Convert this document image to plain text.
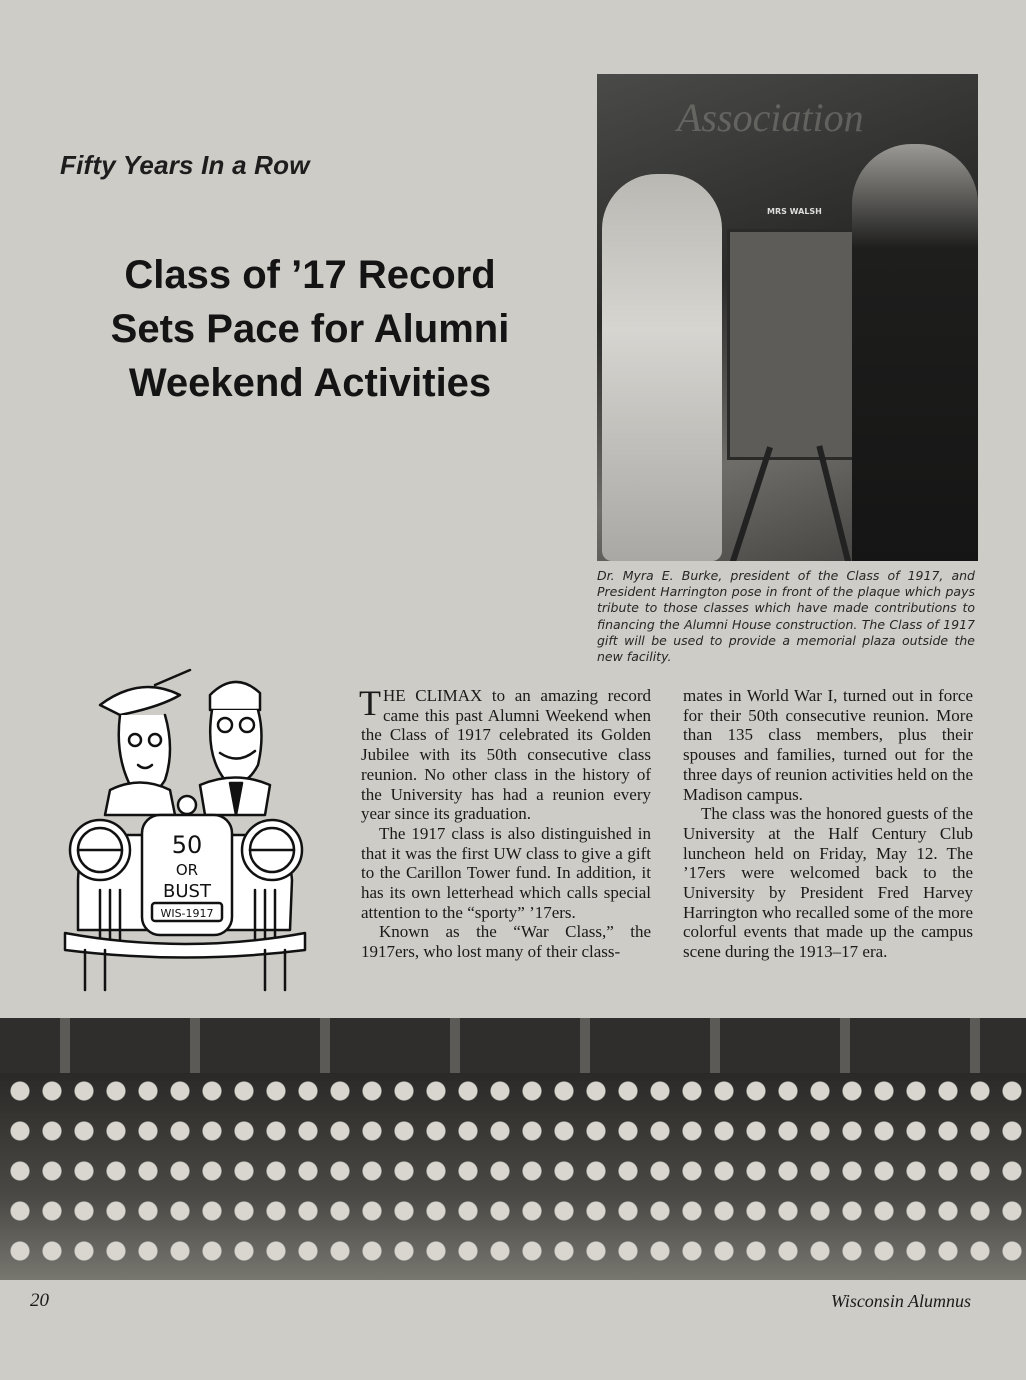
Fifty Years In a Row
Class of ’17 Record
Sets Pace for Alumni
Weekend Activities
Association
MRS WALSH
Dr. Myra E. Burke, president of the Class of 1917, and President Harrington pose in front of the plaque which pays tribute to those classes which have made contributions to financing the Alumni House construction. The Class of 1917 gift will be used to provide a memorial plaza outside the new facility.
50
OR
BUST
WIS-1917

THE CLIMAX to an amazing record came this past Alumni Weekend when the Class of 1917 celebrated its Golden Jubilee with its 50th consecutive class reunion. No other class in the history of the University has had a reunion every year since its graduation.

The 1917 class is also distinguished in that it was the first UW class to give a gift to the Carillon Tower fund. In addition, it has its own letterhead which calls special attention to the “sporty” ’17ers.

Known as the “War Class,” the 1917ers, who lost many of their class-

mates in World War I, turned out in force for their 50th consecutive reunion. More than 135 class members, plus their spouses and families, turned out for the three days of reunion activities held on the Madison campus.

The class was the honored guests of the University at the Half Century Club luncheon held on Friday, May 12. The ’17ers were welcomed back to the University by President Fred Harvey Harrington who recalled some of the more colorful events that made up the campus scene during the 1913–17 era.

20	Wisconsin Alumnus
